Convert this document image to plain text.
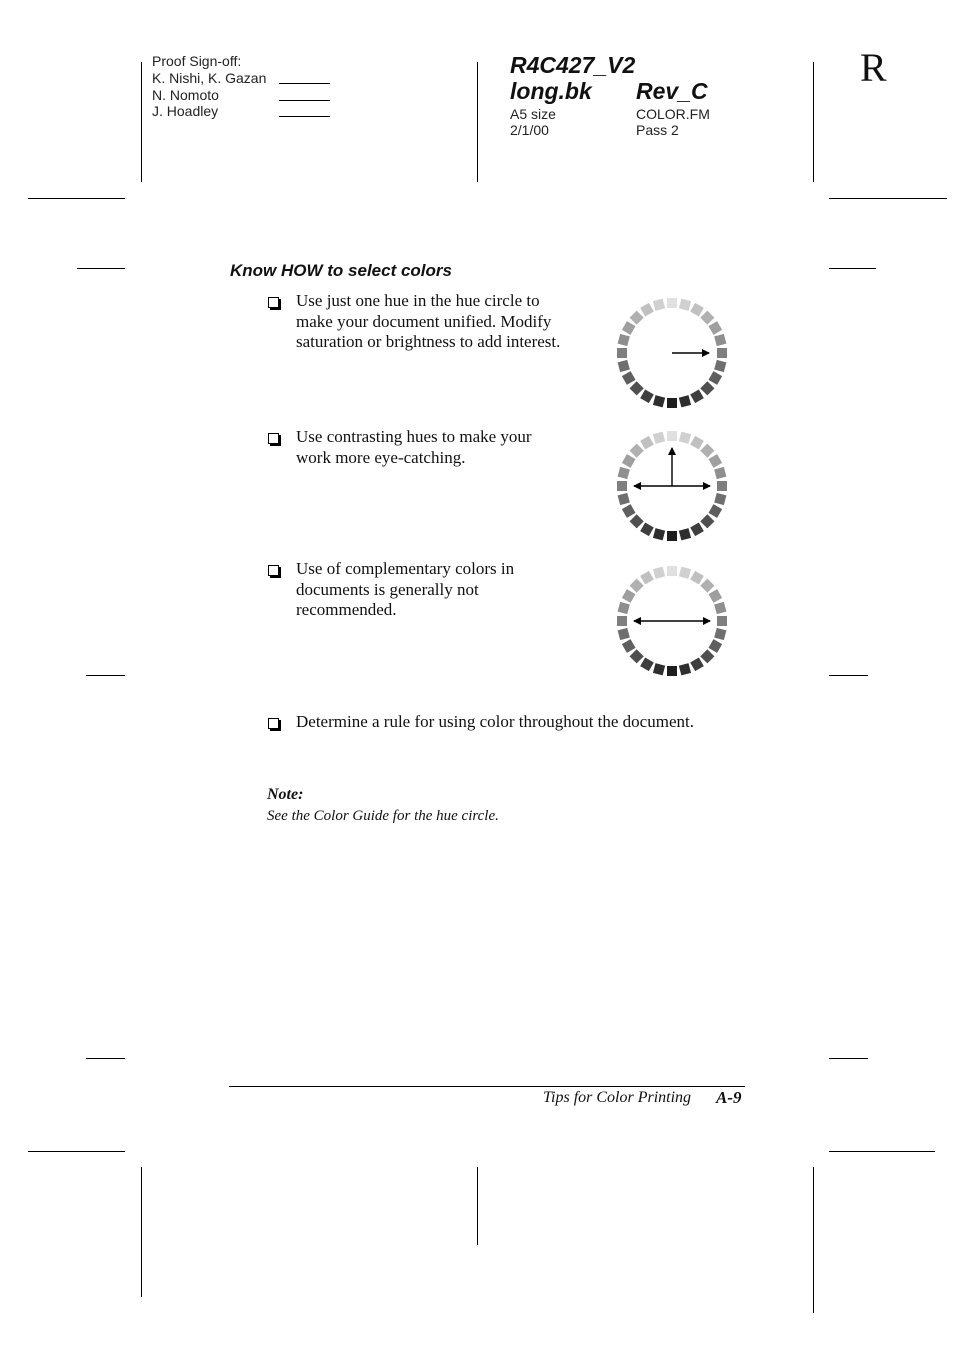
Proof Sign-off:
K. Nishi, K. Gazan
N. Nomoto
J. Hoadley
R4C427_V2
long.bk Rev_C
A5 size
2/1/00
COLOR.FM
Pass 2
R
Know HOW to select colors
Use just one hue in the hue circle to
make your document unified. Modify
saturation or brightness to add interest.
Use contrasting hues to make your
work more eye-catching.
Use of complementary colors in
documents is generally not
recommended.
Determine a rule for using color throughout the document.
Note:
See the Color Guide for the hue circle.
Tips for Color Printing A-9
